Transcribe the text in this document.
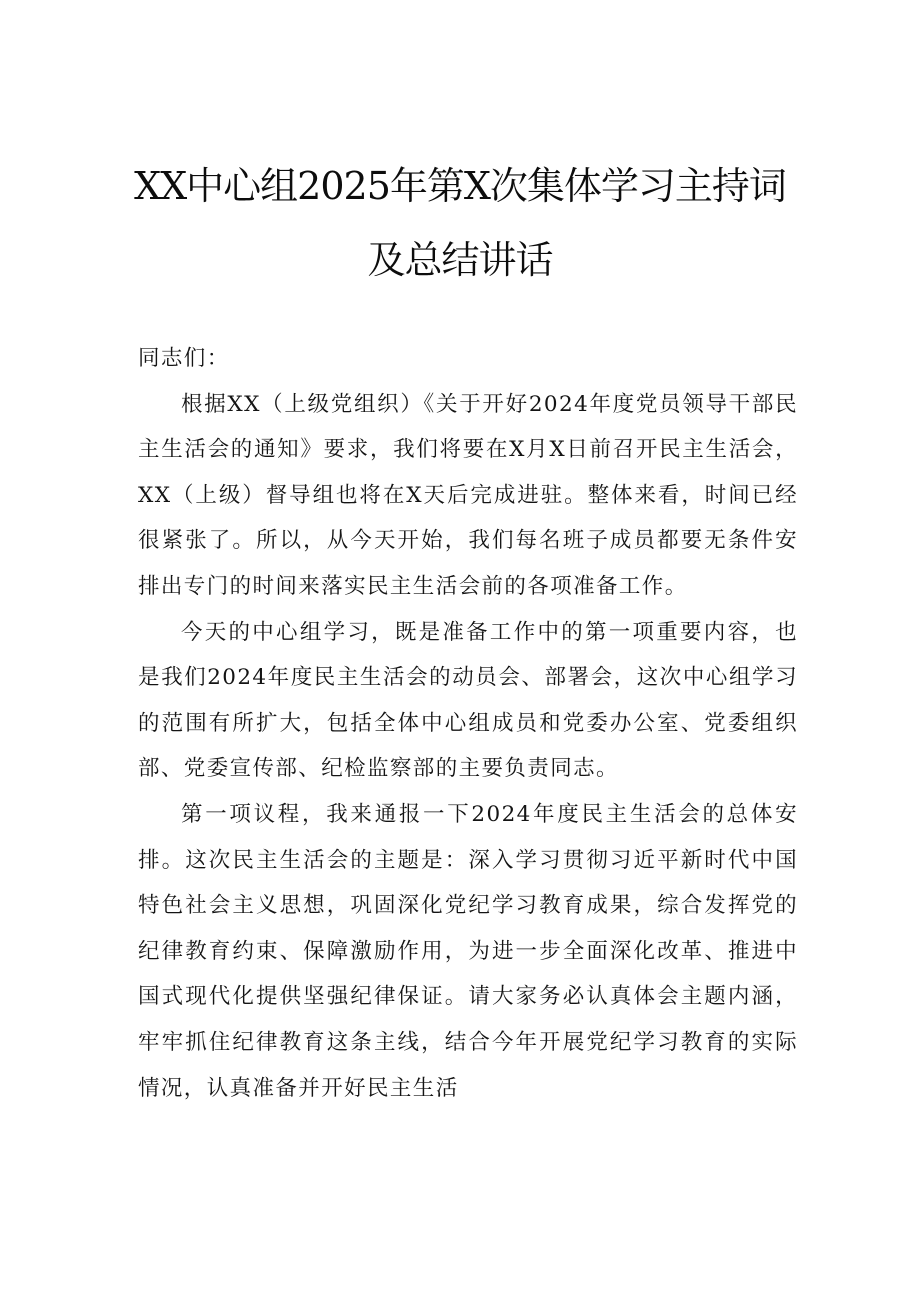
XX中心组2025年第X次集体学习主持词
及总结讲话

同志们：

根据XX（上级党组织）《关于开好2024年度党员领导干部民主生活会的通知》要求，我们将要在X月X日前召开民主生活会，XX（上级）督导组也将在X天后完成进驻。整体来看，时间已经很紧张了。所以，从今天开始，我们每名班子成员都要无条件安排出专门的时间来落实民主生活会前的各项准备工作。

今天的中心组学习，既是准备工作中的第一项重要内容，也是我们2024年度民主生活会的动员会、部署会，这次中心组学习的范围有所扩大，包括全体中心组成员和党委办公室、党委组织部、党委宣传部、纪检监察部的主要负责同志。

第一项议程，我来通报一下2024年度民主生活会的总体安排。这次民主生活会的主题是：深入学习贯彻习近平新时代中国特色社会主义思想，巩固深化党纪学习教育成果，综合发挥党的纪律教育约束、保障激励作用，为进一步全面深化改革、推进中国式现代化提供坚强纪律保证。请大家务必认真体会主题内涵，牢牢抓住纪律教育这条主线，结合今年开展党纪学习教育的实际情况，认真准备并开好民主生活
